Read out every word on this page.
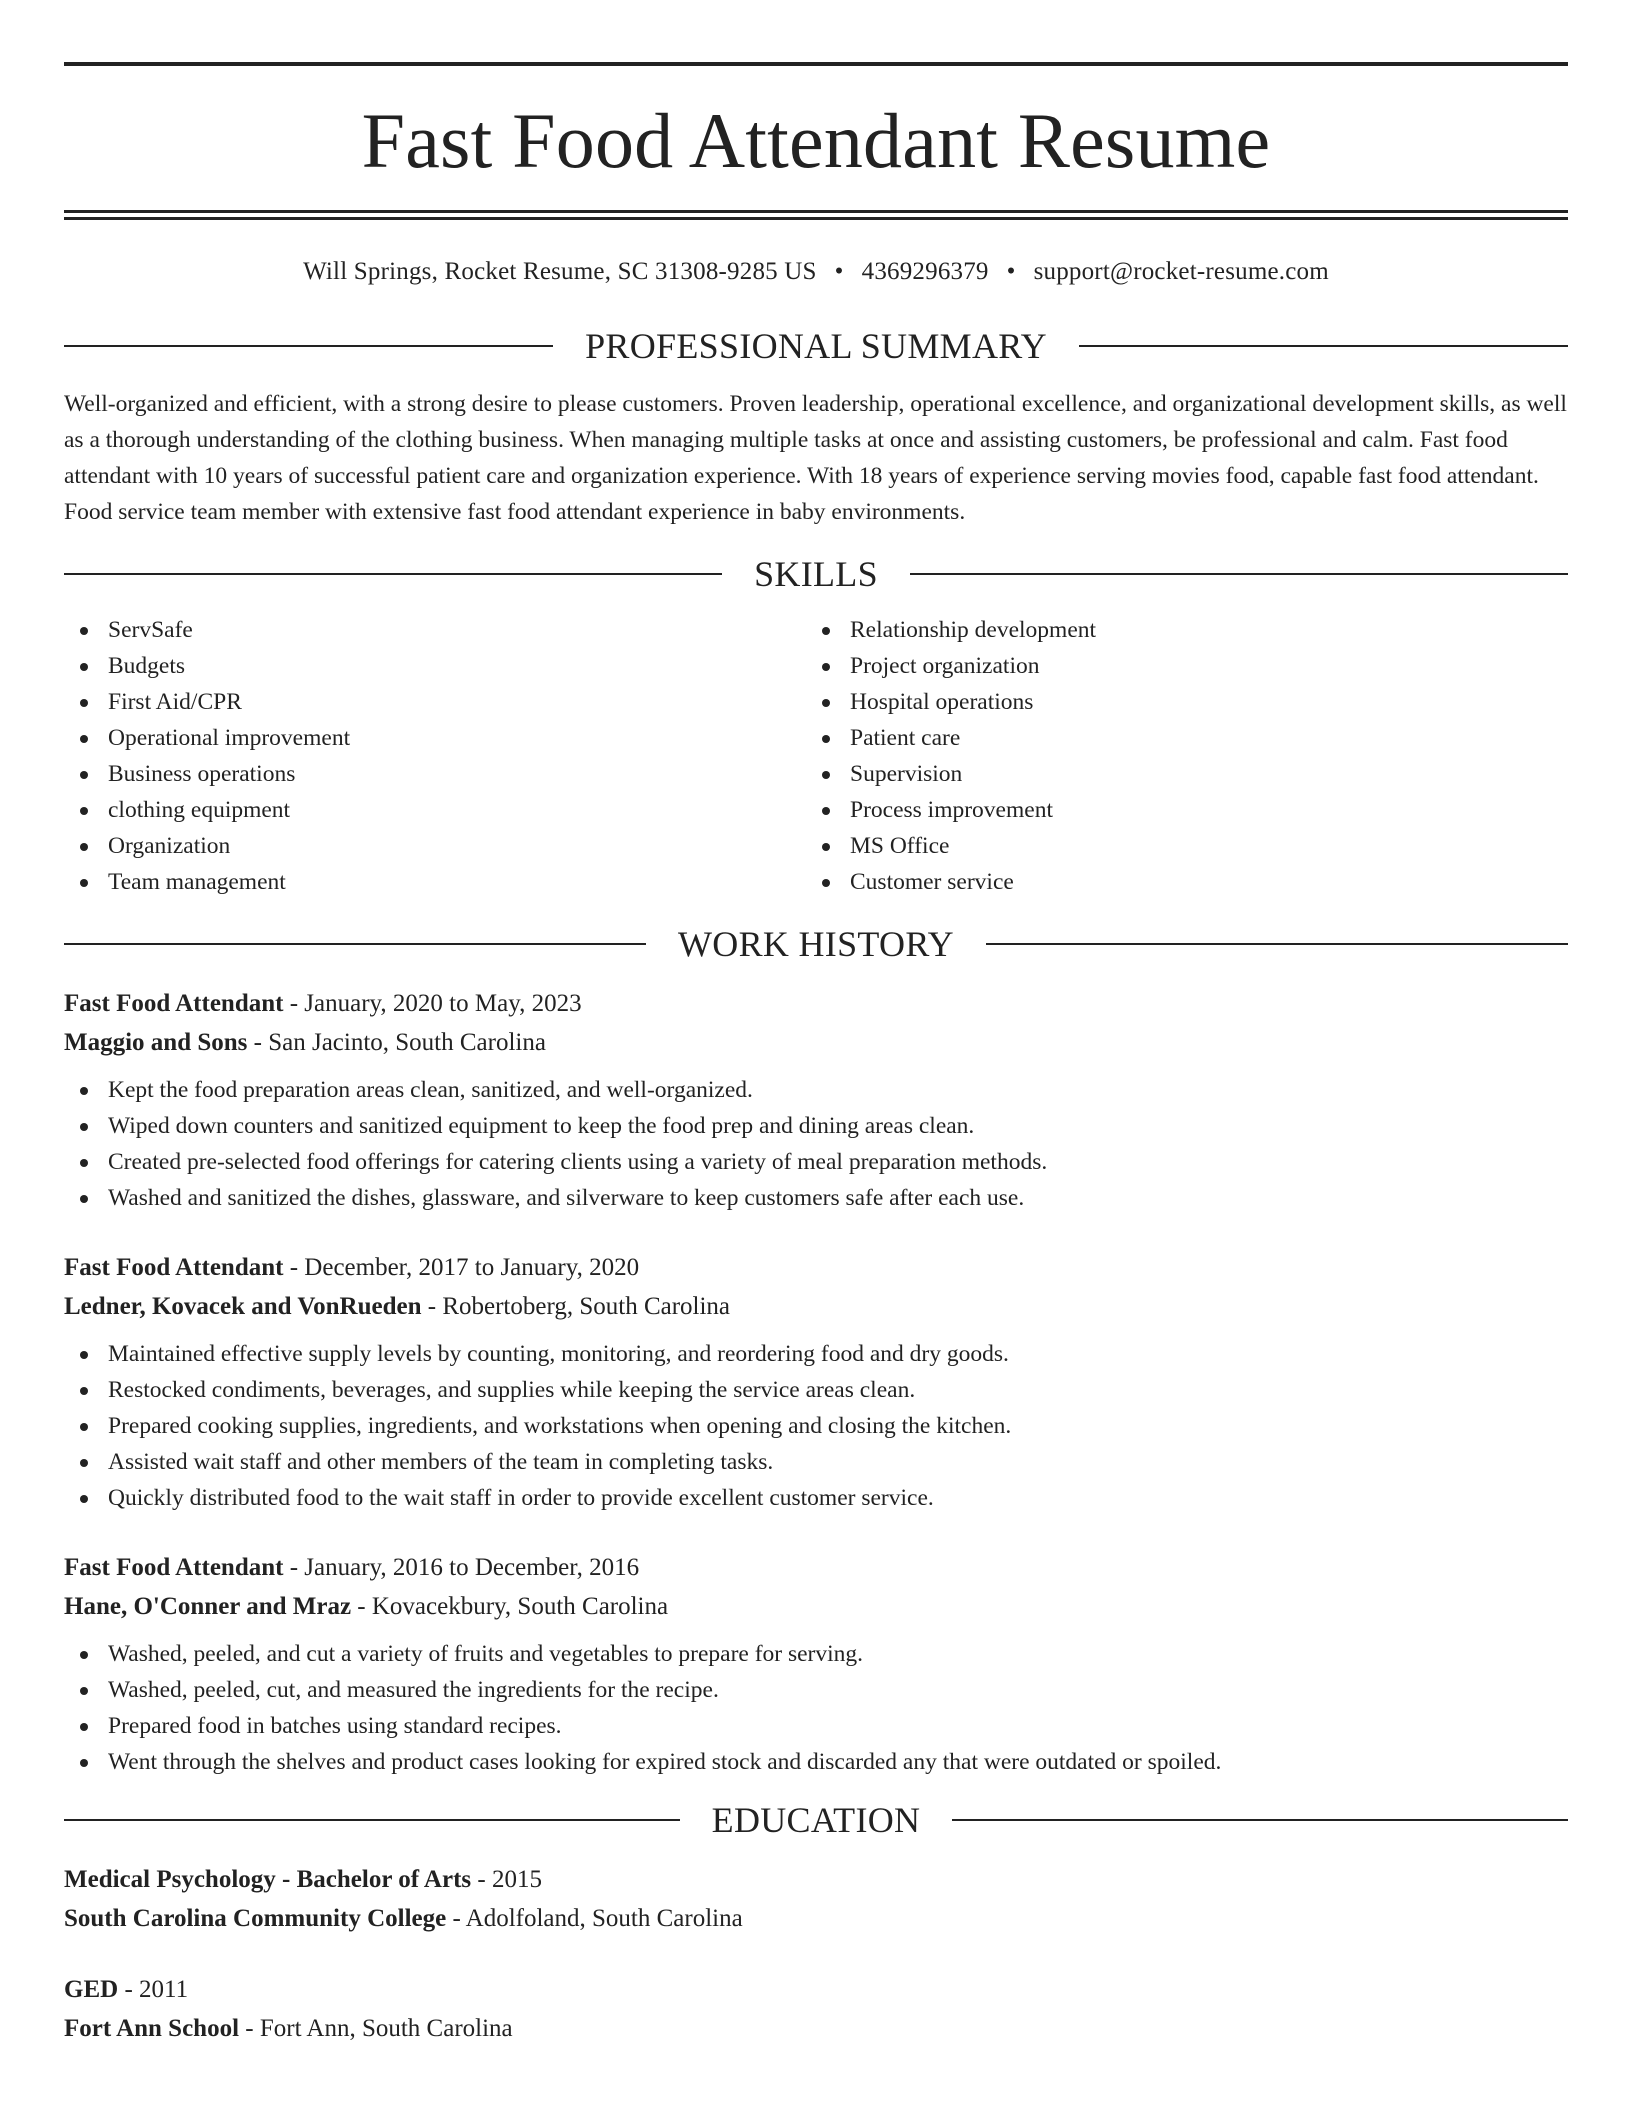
Fast Food Attendant Resume
Will Springs, Rocket Resume, SC 31308-9285 US • 4369296379 • support@rocket-resume.com
PROFESSIONAL SUMMARY

Well-organized and efficient, with a strong desire to please customers. Proven leadership, operational excellence, and organizational development skills, as well as a thorough understanding of the clothing business. When managing multiple tasks at once and assisting customers, be professional and calm. Fast food attendant with 10 years of successful patient care and organization experience. With 18 years of experience serving movies food, capable fast food attendant. Food service team member with extensive fast food attendant experience in baby environments.

SKILLS
ServSafe
Budgets
First Aid/CPR
Operational improvement
Business operations
clothing equipment
Organization
Team management
Relationship development
Project organization
Hospital operations
Patient care
Supervision
Process improvement
MS Office
Customer service
WORK HISTORY
Fast Food Attendant - January, 2020 to May, 2023
Maggio and Sons - San Jacinto, South Carolina
Kept the food preparation areas clean, sanitized, and well-organized.
Wiped down counters and sanitized equipment to keep the food prep and dining areas clean.
Created pre-selected food offerings for catering clients using a variety of meal preparation methods.
Washed and sanitized the dishes, glassware, and silverware to keep customers safe after each use.
Fast Food Attendant - December, 2017 to January, 2020
Ledner, Kovacek and VonRueden - Robertoberg, South Carolina
Maintained effective supply levels by counting, monitoring, and reordering food and dry goods.
Restocked condiments, beverages, and supplies while keeping the service areas clean.
Prepared cooking supplies, ingredients, and workstations when opening and closing the kitchen.
Assisted wait staff and other members of the team in completing tasks.
Quickly distributed food to the wait staff in order to provide excellent customer service.
Fast Food Attendant - January, 2016 to December, 2016
Hane, O'Conner and Mraz - Kovacekbury, South Carolina
Washed, peeled, and cut a variety of fruits and vegetables to prepare for serving.
Washed, peeled, cut, and measured the ingredients for the recipe.
Prepared food in batches using standard recipes.
Went through the shelves and product cases looking for expired stock and discarded any that were outdated or spoiled.
EDUCATION
Medical Psychology - Bachelor of Arts - 2015
South Carolina Community College - Adolfoland, South Carolina
GED - 2011
Fort Ann School - Fort Ann, South Carolina
